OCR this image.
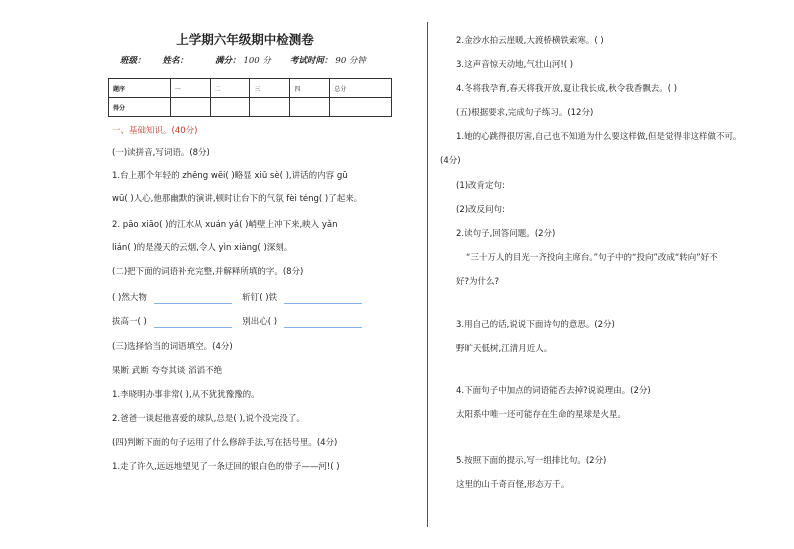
上学期六年级期中检测卷
班级： 姓名：	满分： 100 分 考试时间： 90 分钟
题序	一	二	三	四	总分
得分					
一、基础知识。(40分)
(一)读拼音,写词语。(8分)
1.台上那个年轻的 zhēng wēi( )略显 xiū sè( ),讲话的内容 gū
wū( )人心,他那幽默的演讲,顿时让台下的气氛 fèi téng( )了起来。
2. pāo xiāo( )的江水从 xuán yá( )峭壁上冲下来,映入 yǎn
lián( )的是漫天的云烟,令人 yìn xiàng( )深刻。
(二)把下面的词语补充完整,并解释所填的字。(8分)
( )然大物	斩钉( )铁
拔高一( )	别出心( )
(三)选择恰当的词语填空。(4分)
果断 武断 夸夸其谈 滔滔不绝
1.李晓明办事非常( ),从不犹犹豫豫的。
2.爸爸一谈起他喜爱的球队,总是( ),说个没完没了。
(四)判断下面的句子运用了什么修辞手法,写在括号里。(4分)
1.走了许久,远远地望见了一条迂回的银白色的带子——河!( )
2.金沙水拍云崖暖,大渡桥横铁索寒。( )
3.这声音惊天动地,气壮山河!( )
4.冬将我孕育,春天将我开放,夏让我长成,秋令我香飘去。( )
(五)根据要求,完成句子练习。(12分)
1.她的心跳得很厉害,自己也不知道为什么要这样做,但是觉得非这样做不可。
(4分)
(1)改肯定句:
(2)改反问句:
2.读句子,回答问题。(2分)
“三十万人的目光一齐投向主席台。”句子中的“投向”改成“转向”好不
好?为什么?
3.用自己的话,说说下面诗句的意思。(2分)
野旷天低树,江清月近人。
4.下面句子中加点的词语能否去掉?说说理由。(2分)
太阳系中唯一还可能存在生命的星球是火星。
5.按照下面的提示,写一组排比句。(2分)
这里的山千奇百怪,形态万千。
